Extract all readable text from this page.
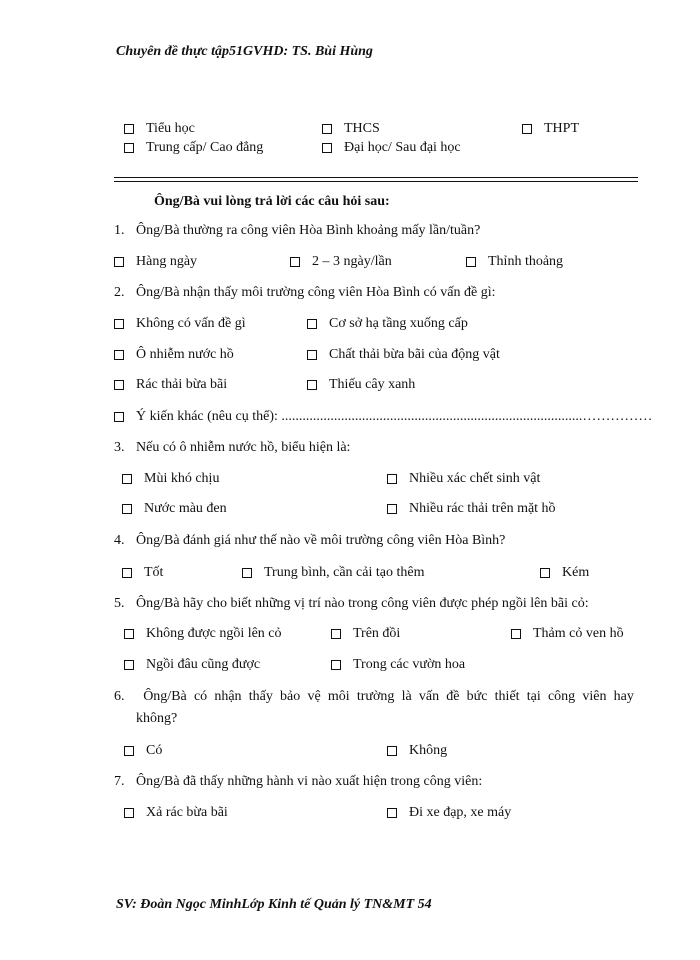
Chuyên đề thực tập51GVHD: TS. Bùi Hùng
Tiểu học	THCS	THPT
Trung cấp/ Cao đẳng	Đại học/ Sau đại học
Ông/Bà vui lòng trả lời các câu hỏi sau:
1. Ông/Bà thường ra công viên Hòa Bình khoảng mấy lần/tuần?
Hàng ngày	2 – 3 ngày/lần	Thỉnh thoảng
2. Ông/Bà nhận thấy môi trường công viên Hòa Bình có vấn đề gì:
Không có vấn đề gì	Cơ sở hạ tầng xuống cấp
Ô nhiễm nước hồ	Chất thải bừa bãi của động vật
Rác thải bừa bãi	Thiếu cây xanh
Ý kiến khác (nêu cụ thể): ......................................................................................……………
3. Nếu có ô nhiễm nước hồ, biểu hiện là:
Mùi khó chịu	Nhiều xác chết sinh vật
Nước màu đen	Nhiều rác thải trên mặt hồ
4. Ông/Bà đánh giá như thế nào về môi trường công viên Hòa Bình?
Tốt	Trung bình, cần cải tạo thêm	Kém
5. Ông/Bà hãy cho biết những vị trí nào trong công viên được phép ngồi lên bãi cỏ:
Không được ngồi lên cỏ	Trên đồi	Thảm cỏ ven hồ
Ngồi đâu cũng được	Trong các vườn hoa
6.	Ông/Bà có nhận thấy bảo vệ môi trường là vấn đề bức thiết tại công viên hay
không?
Có	Không
7. Ông/Bà đã thấy những hành vi nào xuất hiện trong công viên:
Xả rác bừa bãi	Đi xe đạp, xe máy
SV: Đoàn Ngọc MinhLớp Kinh tế Quản lý TN&MT 54
